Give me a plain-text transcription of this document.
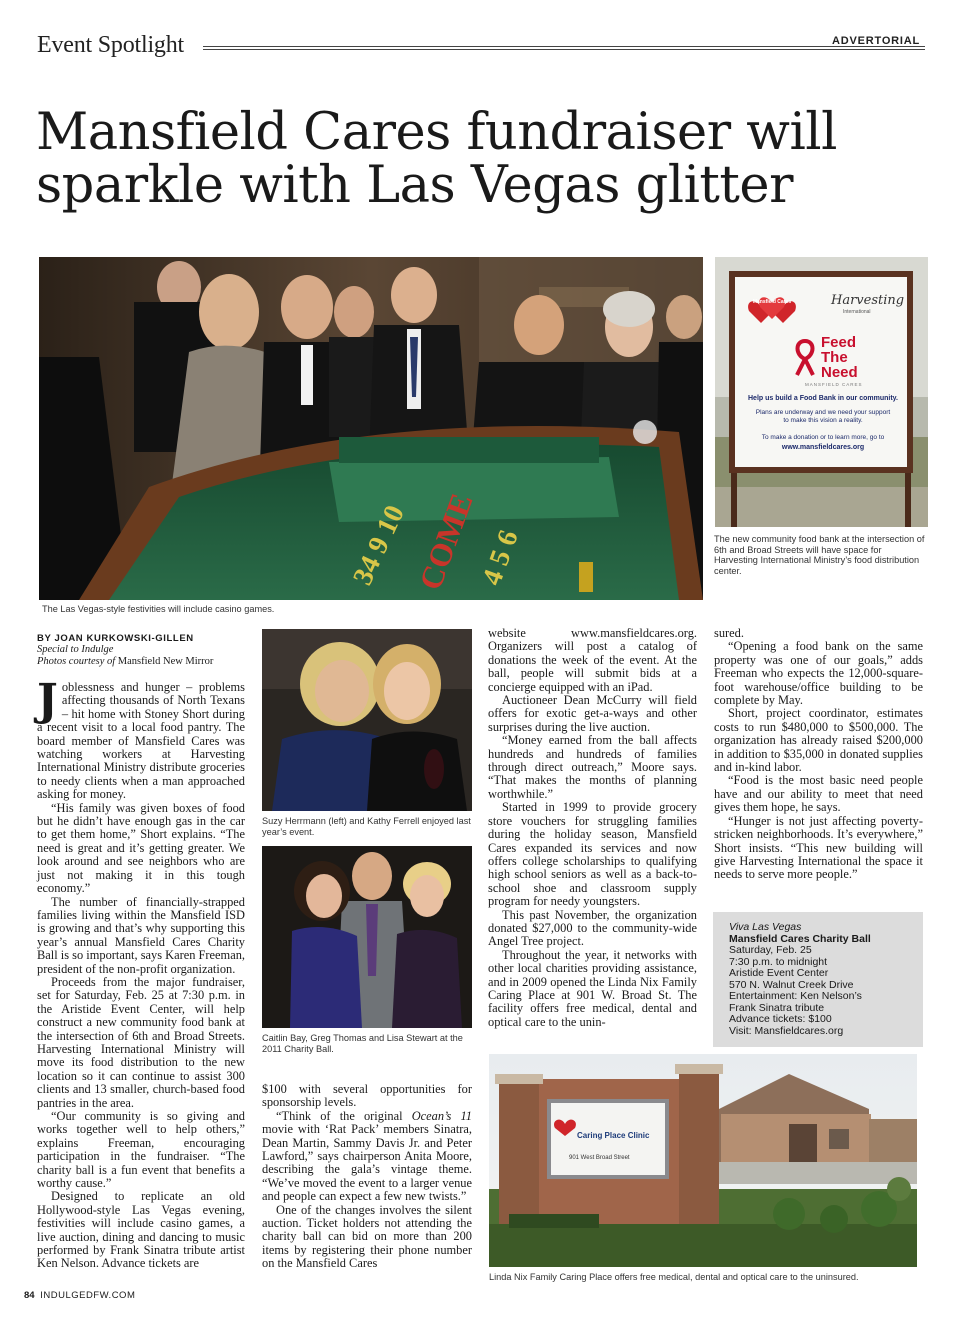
Event Spotlight	ADVERTORIAL
Mansfield Cares fundraiser will sparkle with Las Vegas glitter
34 9 10 COME
4 5 6
The Las Vegas-style festivities will include casino games.
Mansfield Cares	Harvesting
International
Feed
The
Need
MANSFIELD CARES
Help us build a Food Bank in our community.
Plans are underway and we need your support to make this vision a reality.
To make a donation or to learn more, go to
www.mansfieldcares.org
The new community food bank at the intersection of 6th and Broad Streets will have space for Harvesting International Ministry’s food distribution center.
BY JOAN KURKOWSKI-GILLEN
Special to Indulge
Photos courtesy of Mansfield New Mirror

Joblessness and hunger – problems affecting thousands of North Texans – hit home with Stoney Short during a recent visit to a local food pantry. The board member of Mansfield Cares was watching workers at Harvesting International Ministry distribute groceries to needy clients when a man approached asking for money.

“His family was given boxes of food but he didn’t have enough gas in the car to get them home,” Short explains. “The need is great and it’s getting greater. We look around and see neighbors who are just not making it in this tough economy.”

The number of financially-strapped families living within the Mansfield ISD is growing and that’s why supporting this year’s annual Mansfield Cares Charity Ball is so important, says Karen Freeman, president of the non-profit organization.

Proceeds from the major fundraiser, set for Saturday, Feb. 25 at 7:30 p.m. in the Aristide Event Center, will help construct a new community food bank at the intersection of 6th and Broad Streets. Harvesting International Ministry will move its food distribution to the new location so it can continue to assist 300 clients and 13 smaller, church-based food pantries in the area.

“Our community is so giving and works together well to help others,” explains Freeman, encouraging participation in the fundraiser. “The charity ball is a fun event that benefits a worthy cause.”

Designed to replicate an old Hollywood-style Las Vegas evening, festivities will include casino games, a live auction, dining and dancing to music performed by Frank Sinatra tribute artist Ken Nelson. Advance tickets are

Suzy Herrmann (left) and Kathy Ferrell enjoyed last year’s event.
Caitlin Bay, Greg Thomas and Lisa Stewart at the 2011 Charity Ball.

$100 with several opportunities for sponsorship levels.

“Think of the original Ocean’s 11 movie with ‘Rat Pack’ members Sinatra, Dean Martin, Sammy Davis Jr. and Peter Lawford,” says chairperson Anita Moore, describing the gala’s vintage theme. “We’ve moved the event to a larger venue and people can expect a few new twists.”

One of the changes involves the silent auction. Ticket holders not attending the charity ball can bid on more than 200 items by registering their phone number on the Mansfield Cares

website www.mansfieldcares.org. Organizers will post a catalog of donations the week of the event. At the ball, people will submit bids at a concierge equipped with an iPad.

Auctioneer Dean McCurry will field offers for exotic get-a-ways and other surprises during the live auction.

“Money earned from the ball affects hundreds and hundreds of families through direct outreach,” Moore says. “That makes the months of planning worthwhile.”

Started in 1999 to provide grocery store vouchers for struggling families during the holiday season, Mansfield Cares expanded its services and now offers college scholarships to qualifying high school seniors as well as a back-to-school shoe and classroom supply program for needy youngsters.

This past November, the organization donated $27,000 to the community-wide Angel Tree project.

Throughout the year, it networks with other local charities providing assistance, and in 2009 opened the Linda Nix Family Caring Place at 901 W. Broad St. The facility offers free medical, dental and optical care to the unin-

sured.

“Opening a food bank on the same property was one of our goals,” adds Freeman who expects the 12,000-square-foot warehouse/office building to be complete by May.

Short, project coordinator, estimates costs to run $480,000 to $500,000. The organization has already raised $200,000 in addition to $35,000 in donated supplies and in-kind labor.

“Food is the most basic need people have and our ability to meet that need gives them hope, he says.

“Hunger is not just affecting poverty-stricken neighborhoods. It’s everywhere,” Short insists. “This new building will give Harvesting International the space it needs to serve more people.”

Viva Las Vegas
Mansfield Cares Charity Ball
Saturday, Feb. 25
7:30 p.m. to midnight
Aristide Event Center
570 N. Walnut Creek Drive
Entertainment: Ken Nelson’s
Frank Sinatra tribute
Advance tickets: $100
Visit: Mansfieldcares.org
Caring Place Clinic
901 West Broad Street
Linda Nix Family Caring Place offers free medical, dental and optical care to the uninsured.
84 INDULGEDFW.COM
